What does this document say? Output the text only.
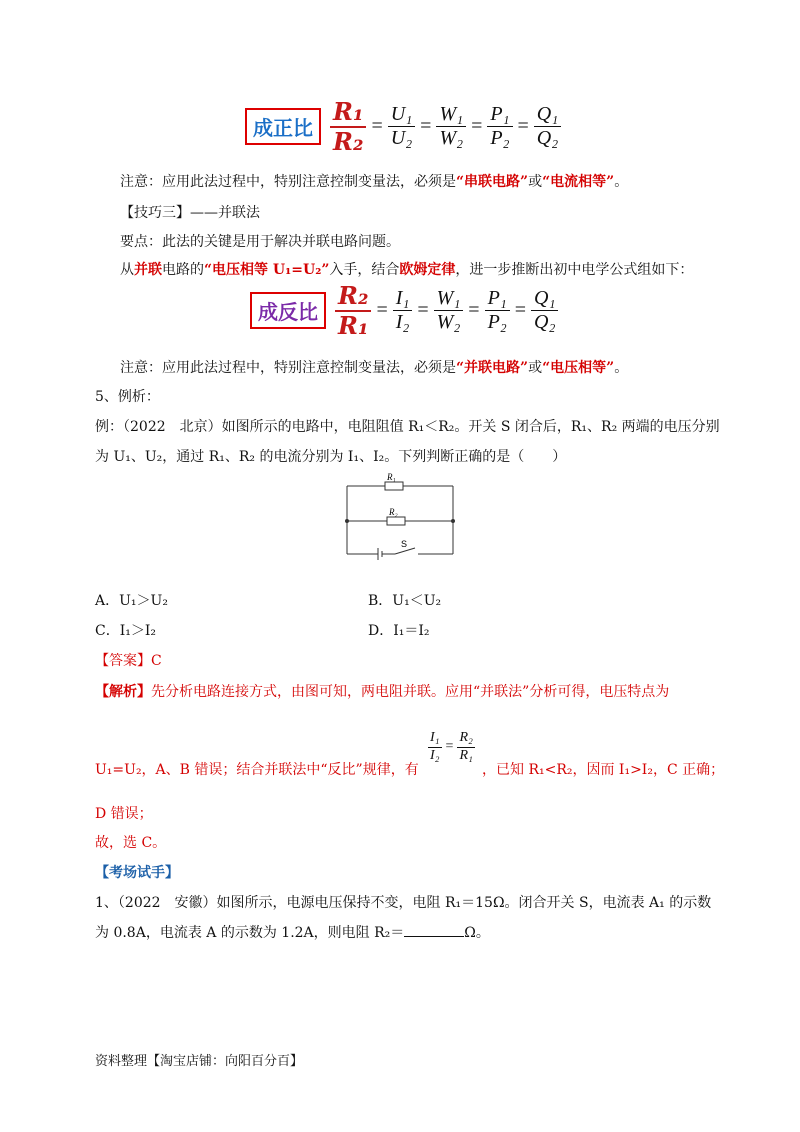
成正比 $\frac{\text{R₁}}{\text{R₂}} = \frac{\text{U₁}}{\text{U₂}} = \frac{\text{W₁}}{\text{W₂}} = \frac{\text{P₁}}{\text{P₂}} = \frac{\text{Q₁}}{\text{Q₂}}$
注意：应用此法过程中，特别注意控制变量法，必须是“串联电路”或“电流相等”。
【技巧三】——并联法
要点：此法的关键是用于解决并联电路问题。
从并联电路的“电压相等 U₁=U₂”入手，结合欧姆定律，进一步推断出初中电学公式组如下：
成反比 $\frac{\text{R₂}}{\text{R₁}} = \frac{\text{I₁}}{\text{I₂}} = \frac{\text{W₁}}{\text{W₂}} = \frac{\text{P₁}}{\text{P₂}} = \frac{\text{Q₁}}{\text{Q₂}}$
注意：应用此法过程中，特别注意控制变量法，必须是“并联电路”或“电压相等”。
5、例析：
例：（2022　北京）如图所示的电路中，电阻阻值 R₁＜R₂。开关 S 闭合后，R₁、R₂ 两端的电压分别
为 U₁、U₂，通过 R₁、R₂ 的电流分别为 I₁、I₂。下列判断正确的是（　　）
R₁
R₂
S
A．U₁＞U₂	B．U₁＜U₂
C．I₁＞I₂	D．I₁＝I₂
【答案】C
【解析】先分析电路连接方式，由图可知，两电阻并联。应用“并联法”分析可得，电压特点为
$\frac{\text{I₁}}{\text{I₂}} = \frac{\text{R₂}}{\text{R₁}}$
U₁=U₂，A、B 错误；结合并联法中“反比”规律，有	，已知 R₁<R₂，因而 I₁>I₂，C 正确；
D 错误；
故，选 C。
【考场试手】
1、（2022　安徽）如图所示，电源电压保持不变，电阻 R₁＝15Ω。闭合开关 S，电流表 A₁ 的示数
为 0.8A，电流表 A 的示数为 1.2A，则电阻 R₂＝	Ω。
资料整理【淘宝店铺：向阳百分百】
